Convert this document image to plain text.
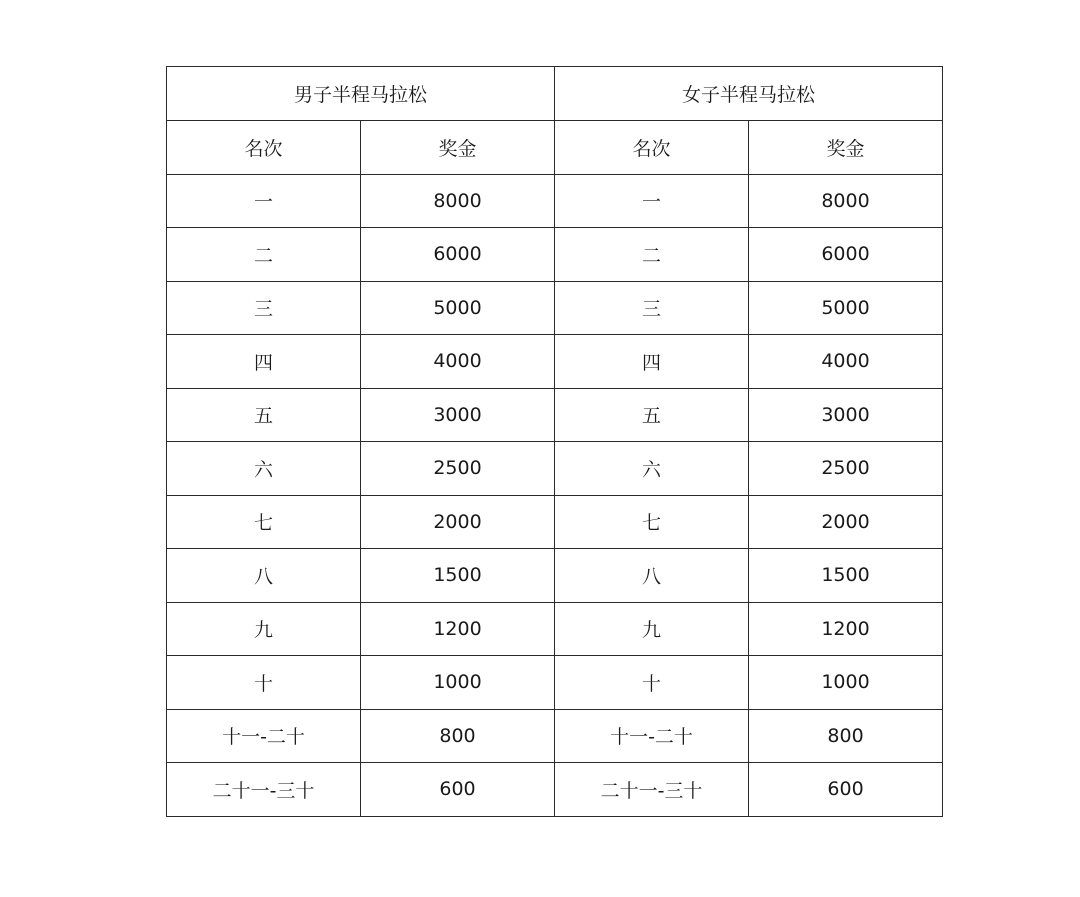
男子半程马拉松		女子半程马拉松	
名次	奖金	名次	奖金
一	8000	一	8000
二	6000	二	6000
三	5000	三	5000
四	4000	四	4000
五	3000	五	3000
六	2500	六	2500
七	2000	七	2000
八	1500	八	1500
九	1200	九	1200
十	1000	十	1000
十一-二十	800	十一-二十	800
二十一-三十	600	二十一-三十	600
